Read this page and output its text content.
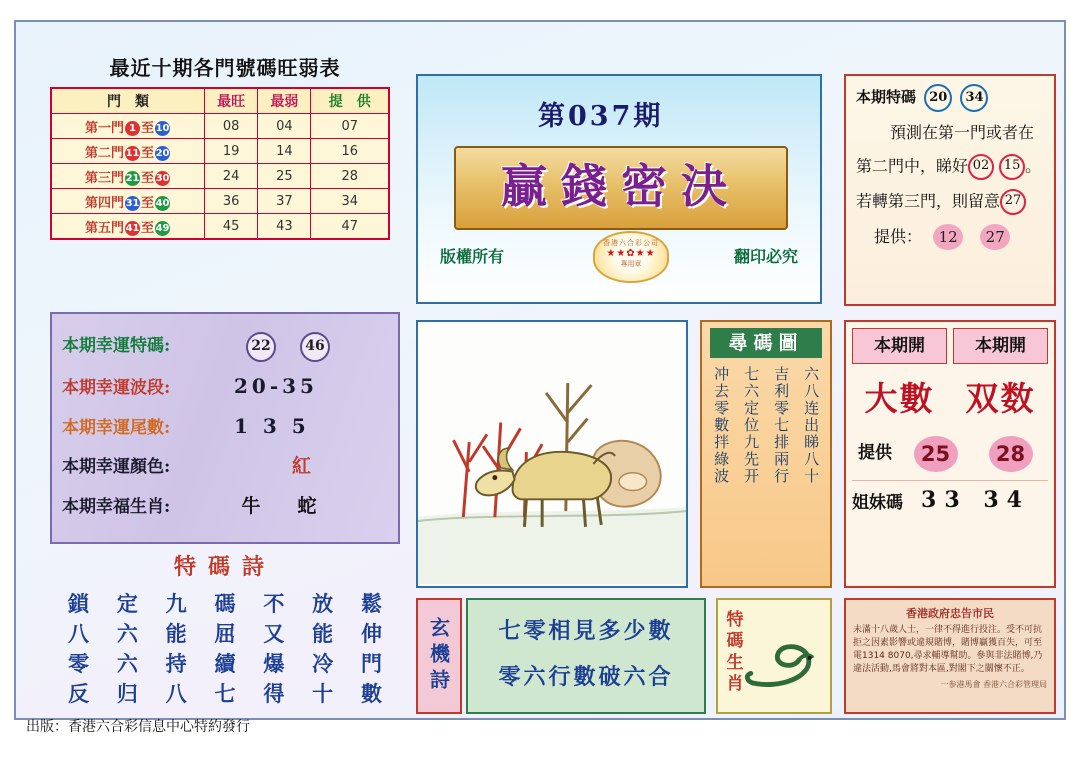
最近十期各門號碼旺弱表
門　類	最旺	最弱	提　供
第一門 1 至 10	08	04	07
第二門 11 至 20	19	14	16
第三門 21 至 30	24	25	28
第四門 31 至 40	36	37	34
第五門 41 至 49	45	43	47
第037期
贏錢密決
版權所有	翻印必究
香港六合彩公司
★★✿★★
專用章
本期特碼 20 34

預測在第一門或者在

第二門中，睇好 02 15 。

若轉第三門，則留意 27

提供： 12 27

本期幸運特碼:	22 46
本期幸運波段:	20-35
本期幸運尾數:	1 3 5
本期幸運顏色:	紅
本期幸福生肖:	牛 蛇
特碼詩
鎖 定 九 碼 不 放 鬆
八 六 能 屈 又 能 伸
零 六 持 續 爆 冷 門
反 归 八 七 得 十 數
尋碼圖
冲去零數拌綠波 七六定位九先开 吉利零七排兩行 六八连出睇八十
本期開	本期開
大數 双数
提供	25	28
姐妹碼 33 34
玄機詩	七零相見多少數
零六行數破六合
特碼生肖
香港政府忠告市民
未滿十八歲人士，一律不得進行投注。受不可抗拒之因素影響或違規賭博，賭博贏獲百失，可至電1314 8070,尋求輔導幫助。參與非法賭博,乃違法活動,馬會將對本區,對閣下之關懷不正。
一参港馬會 香港六合彩管理局
出版：香港六合彩信息中心特約發行
